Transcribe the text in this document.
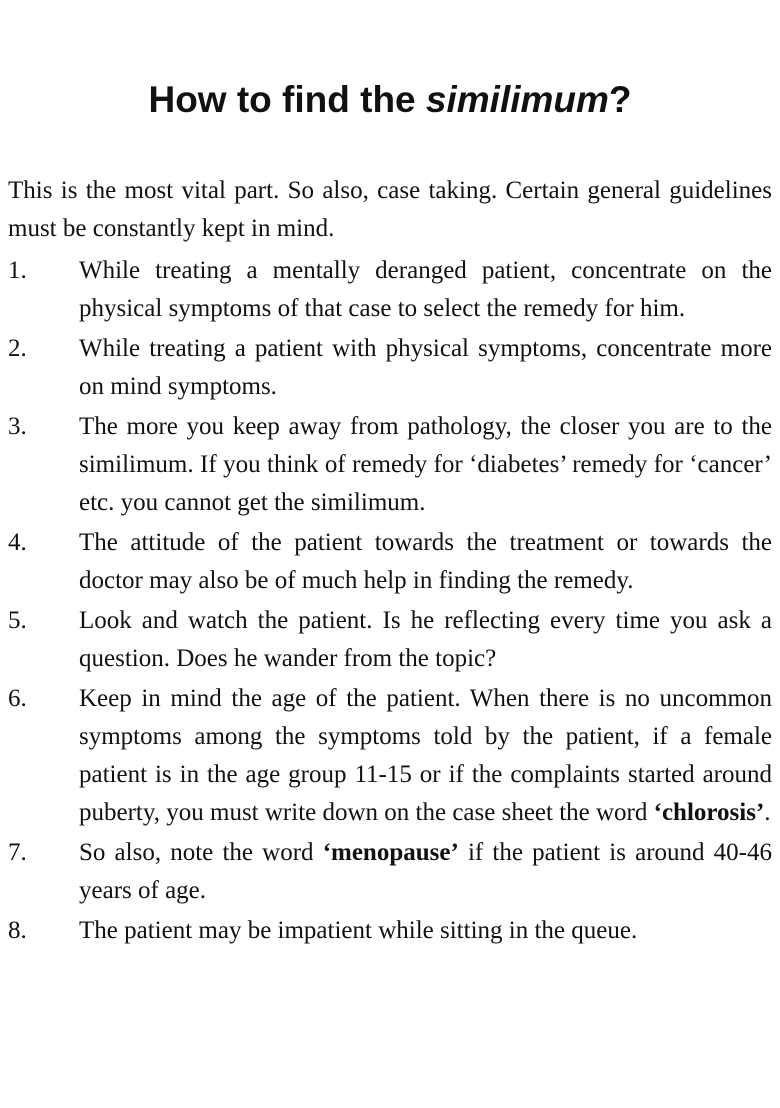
How to find the similimum?

This is the most vital part. So also, case taking. Certain general guidelines must be constantly kept in mind.

1. While treating a mentally deranged patient, concentrate on the physical symptoms of that case to select the remedy for him.
2. While treating a patient with physical symptoms, concentrate more on mind symptoms.
3. The more you keep away from pathology, the closer you are to the similimum. If you think of remedy for ‘diabetes’ remedy for ‘cancer’ etc. you cannot get the similimum.
4. The attitude of the patient towards the treatment or towards the doctor may also be of much help in finding the remedy.
5. Look and watch the patient. Is he reflecting every time you ask a question. Does he wander from the topic?
6. Keep in mind the age of the patient. When there is no uncommon symptoms among the symptoms told by the patient, if a female patient is in the age group 11-15 or if the complaints started around puberty, you must write down on the case sheet the word ‘chlorosis’.
7. So also, note the word ‘menopause’ if the patient is around 40-46 years of age.
8. The patient may be impatient while sitting in the queue.
